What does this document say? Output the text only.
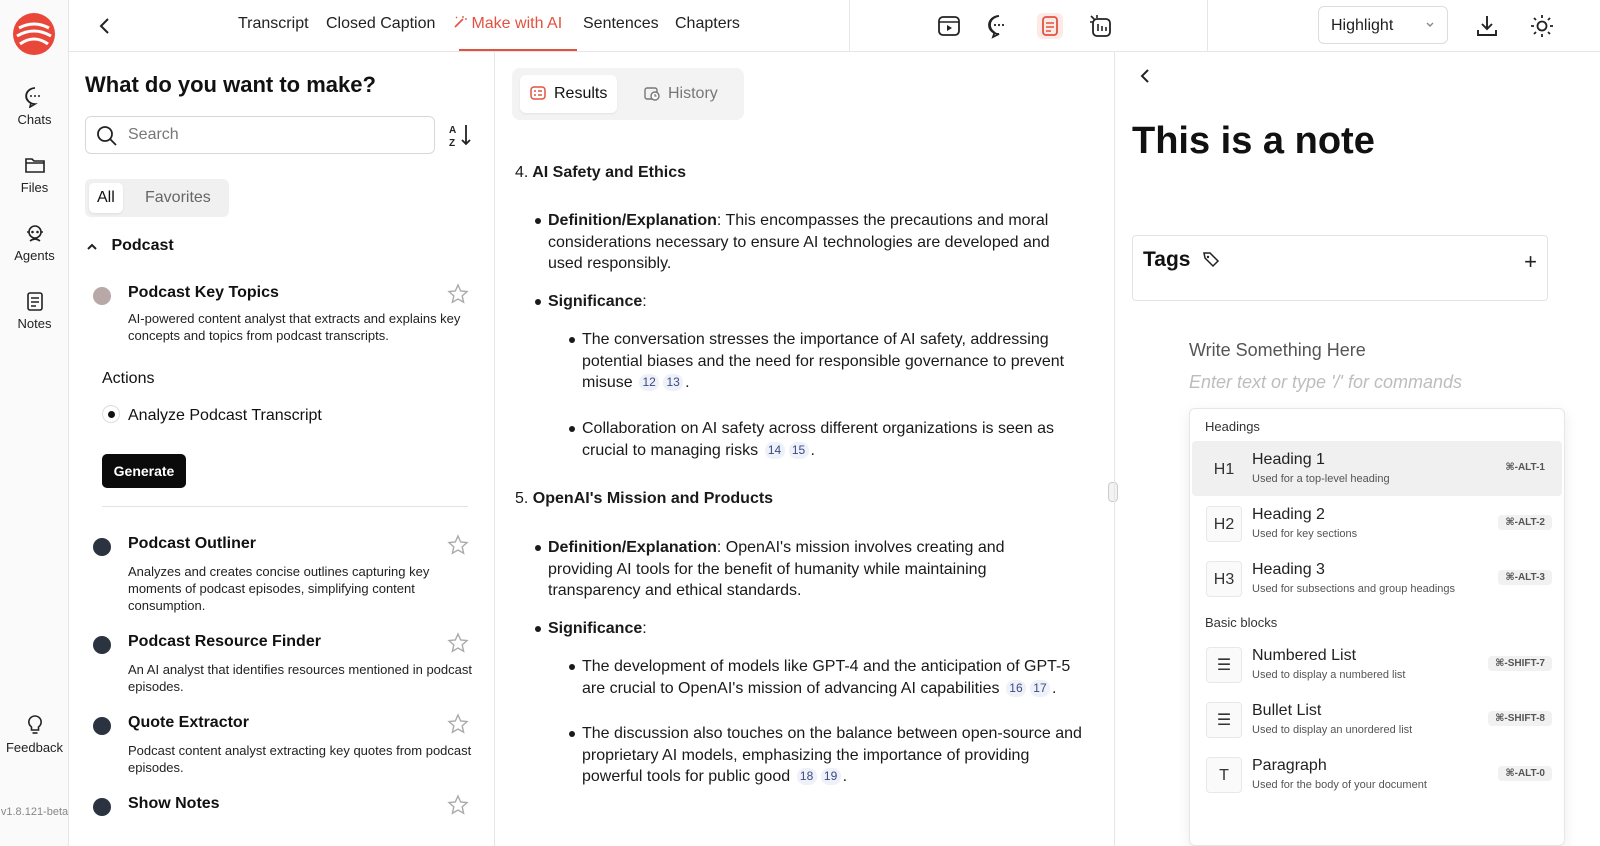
Chats
Files
Agents
Notes
Feedback
v1.8.121-beta
Transcript Closed Caption	Make with AI Sentences Chapters	Highlight
What do you want to make?
Search
A
Z
All	Favorites
Podcast
Podcast Key Topics
AI-powered content analyst that extracts and explains key concepts and topics from podcast transcripts.
Actions
Analyze Podcast Transcript
Generate
Podcast Outliner
Analyzes and creates concise outlines capturing key moments of podcast episodes, simplifying content consumption.
Podcast Resource Finder
An AI analyst that identifies resources mentioned in podcast episodes.
Quote Extractor
Podcast content analyst extracting key quotes from podcast episodes.
Show Notes
Results	History
4. AI Safety and Ethics
Definition/Explanation: This encompasses the precautions and moral considerations necessary to ensure AI technologies are developed and used responsibly.
Significance:
The conversation stresses the importance of AI safety, addressing potential biases and the need for responsible governance to prevent misuse 12 13 .
Collaboration on AI safety across different organizations is seen as crucial to managing risks 14 15 .
5. OpenAI's Mission and Products
Definition/Explanation: OpenAI's mission involves creating and providing AI tools for the benefit of humanity while maintaining transparency and ethical standards.
Significance:
The development of models like GPT-4 and the anticipation of GPT-5 are crucial to OpenAI's mission of advancing AI capabilities 16 17 .
The discussion also touches on the balance between open-source and proprietary AI models, emphasizing the importance of providing powerful tools for public good 18 19 .
This is a note
Tags	+
Write Something Here
Enter text or type '/' for commands
Headings
H1
Heading 1
Used for a top-level heading
⌘-ALT-1
H2
Heading 2
Used for key sections
⌘-ALT-2
H3
Heading 3
Used for subsections and group headings
⌘-ALT-3
Basic blocks
☰
Numbered List
Used to display a numbered list
⌘-SHIFT-7
☰
Bullet List
Used to display an unordered list
⌘-SHIFT-8
T
Paragraph
Used for the body of your document
⌘-ALT-0
